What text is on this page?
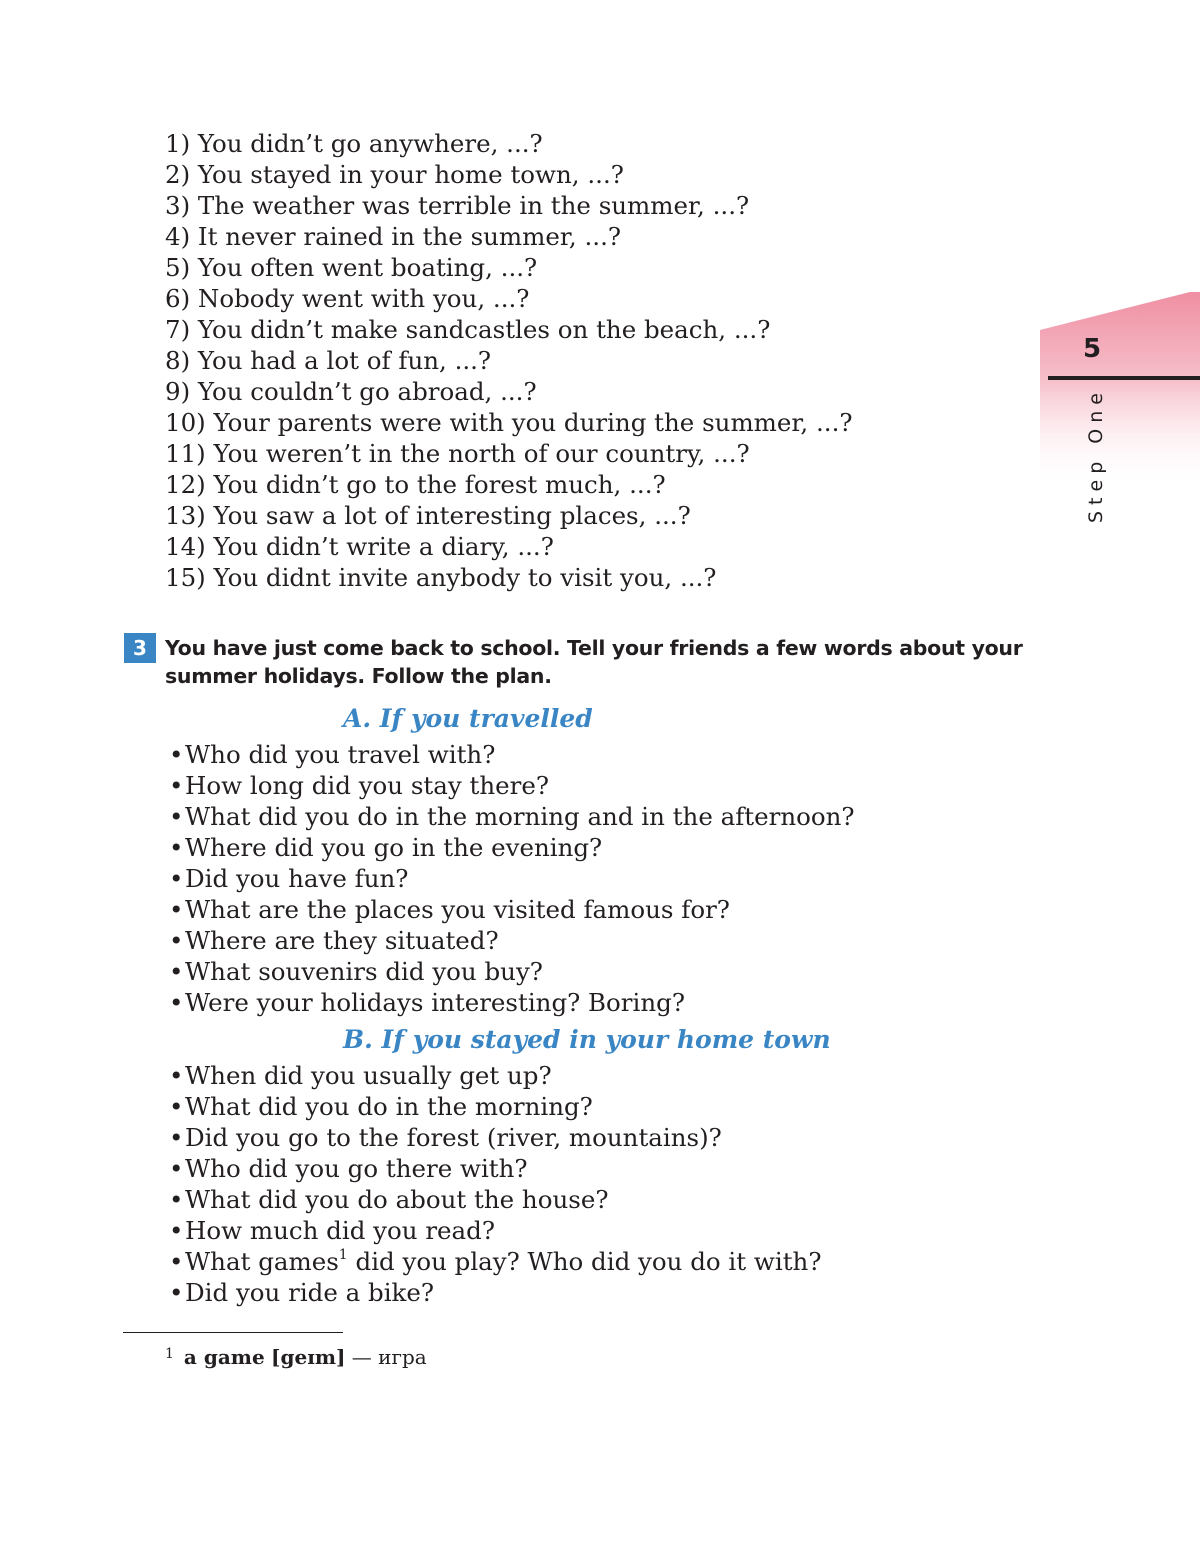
5
Step One
1) You didn’t go anywhere, ...?
2) You stayed in your home town, ...?
3) The weather was terrible in the summer, ...?
4) It never rained in the summer, ...?
5) You often went boating, ...?
6) Nobody went with you, ...?
7) You didn’t make sandcastles on the beach, ...?
8) You had a lot of fun, ...?
9) You couldn’t go abroad, ...?
10) Your parents were with you during the summer, ...?
11) You weren’t in the north of our country, ...?
12) You didn’t go to the forest much, ...?
13) You saw a lot of interesting places, ...?
14) You didn’t write a diary, ...?
15) You didnt invite anybody to visit you, ...?
3 You have just come back to school. Tell your friends a few words about your summer holidays. Follow the plan.
A. If you travelled
•Who did you travel with?
•How long did you stay there?
•What did you do in the morning and in the afternoon?
•Where did you go in the evening?
•Did you have fun?
•What are the places you visited famous for?
•Where are they situated?
•What souvenirs did you buy?
•Were your holidays interesting? Boring?
B. If you stayed in your home town
•When did you usually get up?
•What did you do in the morning?
•Did you go to the forest (river, mountains)?
•Who did you go there with?
•What did you do about the house?
•How much did you read?
•What games$^1$ did you play? Who did you do it with?
•Did you ride a bike?
$^1$ a game [geɪm] — игра
